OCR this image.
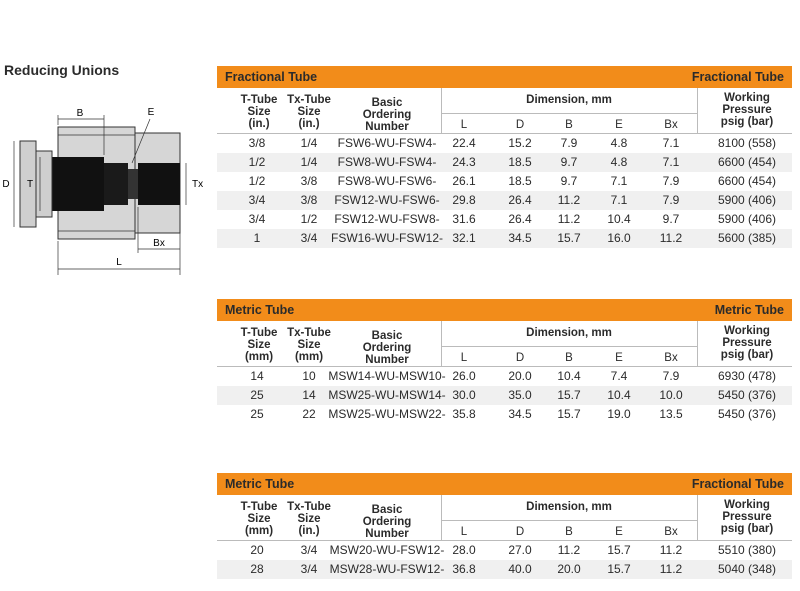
Reducing Unions
B	E
D T	Tx
Bx
L
Fractional Tube	Fractional Tube
T-Tube
Size
(in.)
Tx-Tube
Size
(in.)
Basic
Ordering
Number
Dimension, mm
L	D	B	E	Bx
Working
Pressure
psig (bar)
3/8	1/4	FSW6-WU-FSW4-	22.4	15.2	7.9	4.8	7.1	8100 (558)
1/2	1/4	FSW8-WU-FSW4-	24.3	18.5	9.7	4.8	7.1	6600 (454)
1/2	3/8	FSW8-WU-FSW6-	26.1	18.5	9.7	7.1	7.9	6600 (454)
3/4	3/8	FSW12-WU-FSW6-	29.8	26.4	11.2	7.1	7.9	5900 (406)
3/4	1/2	FSW12-WU-FSW8-	31.6	26.4	11.2	10.4	9.7	5900 (406)
1	3/4	FSW16-WU-FSW12- 32.1	34.5	15.7	16.0	11.2	5600 (385)
Metric Tube	Metric Tube
T-Tube
Size
(mm)
Tx-Tube
Size
(mm)
Basic
Ordering
Number
Dimension, mm
L	D	B	E	Bx
Working
Pressure
psig (bar)
14	10	MSW14-WU-MSW10- 26.0	20.0	10.4	7.4	7.9	6930 (478)
25	14	MSW25-WU-MSW14- 30.0	35.0	15.7	10.4	10.0	5450 (376)
25	22	MSW25-WU-MSW22- 35.8	34.5	15.7	19.0	13.5	5450 (376)
Metric Tube	Fractional Tube
T-Tube
Size
(mm)
Tx-Tube
Size
(in.)
Basic
Ordering
Number
Dimension, mm
L	D	B	E	Bx
Working
Pressure
psig (bar)
20	3/4	MSW20-WU-FSW12- 28.0	27.0	11.2	15.7	11.2	5510 (380)
28	3/4	MSW28-WU-FSW12- 36.8	40.0	20.0	15.7	11.2	5040 (348)
